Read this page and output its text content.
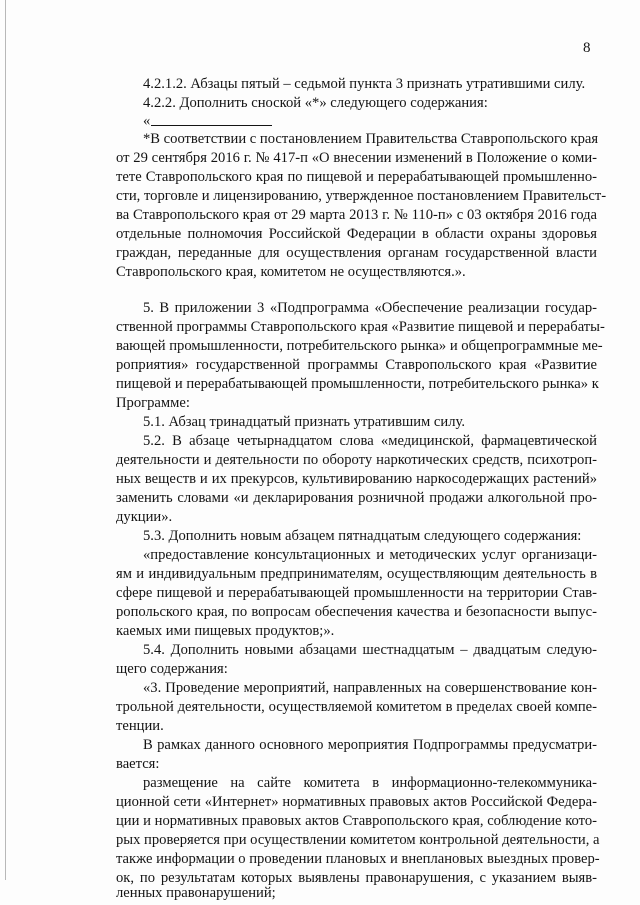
8
4.2.1.2. Абзацы пятый – седьмой пункта 3 признать утратившими силу.
4.2.2. Дополнить сноской «*» следующего содержания:
«
*В соответствии с постановлением Правительства Ставропольского края
от 29 сентября 2016 г. № 417-п «О внесении изменений в Положение о коми-
тете Ставропольского края по пищевой и перерабатывающей промышленно-
сти, торговле и лицензированию, утвержденное постановлением Правительст-
ва Ставропольского края от 29 марта 2013 г. № 110-п» с 03 октября 2016 года
отдельные полномочия Российской Федерации в области охраны здоровья
граждан, переданные для осуществления органам государственной власти
Ставропольского края, комитетом не осуществляются.».
5. В приложении 3 «Подпрограмма «Обеспечение реализации государ-
ственной программы Ставропольского края «Развитие пищевой и перерабаты-
вающей промышленности, потребительского рынка» и общепрограммные ме-
роприятия» государственной программы Ставропольского края «Развитие
пищевой и перерабатывающей промышленности, потребительского рынка» к
Программе:
5.1. Абзац тринадцатый признать утратившим силу.
5.2. В абзаце четырнадцатом слова «медицинской, фармацевтической
деятельности и деятельности по обороту наркотических средств, психотроп-
ных веществ и их прекурсов, культивированию наркосодержащих растений»
заменить словами «и декларирования розничной продажи алкогольной про-
дукции».
5.3. Дополнить новым абзацем пятнадцатым следующего содержания:
«предоставление консультационных и методических услуг организаци-
ям и индивидуальным предпринимателям, осуществляющим деятельность в
сфере пищевой и перерабатывающей промышленности на территории Став-
ропольского края, по вопросам обеспечения качества и безопасности выпус-
каемых ими пищевых продуктов;».
5.4. Дополнить новыми абзацами шестнадцатым – двадцатым следую-
щего содержания:
«3. Проведение мероприятий, направленных на совершенствование кон-
трольной деятельности, осуществляемой комитетом в пределах своей компе-
тенции.
В рамках данного основного мероприятия Подпрограммы предусматри-
вается:
размещение на сайте комитета в информационно-телекоммуника-
ционной сети «Интернет» нормативных правовых актов Российской Федера-
ции и нормативных правовых актов Ставропольского края, соблюдение кото-
рых проверяется при осуществлении комитетом контрольной деятельности, а
также информации о проведении плановых и внеплановых выездных провер-
ок, по результатам которых выявлены правонарушения, с указанием выяв-
ленных правонарушений;
